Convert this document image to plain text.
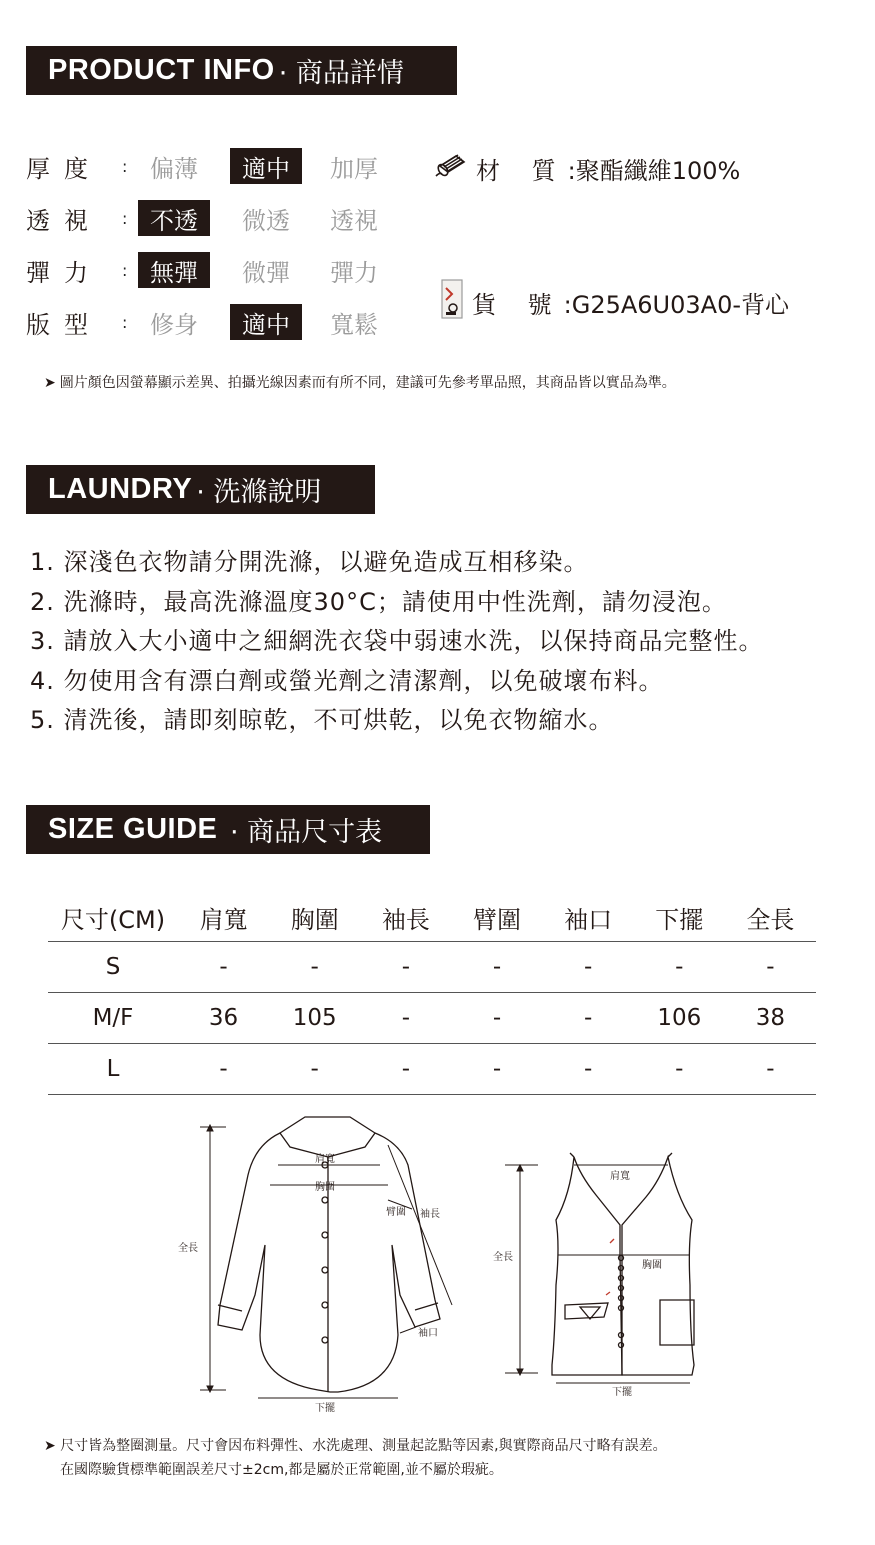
PRODUCT INFO · 商品詳情
厚度	: 偏薄	適中	加厚
透視	: 不透	微透	透視
彈力	: 無彈	微彈	彈力
版型	: 修身	適中	寬鬆
材 質 :聚酯纖維100%
貨 號 :G25A6U03A0-背心
➤ 圖片顏色因螢幕顯示差異、拍攝光線因素而有所不同，建議可先參考單品照，其商品皆以實品為準。
LAUNDRY · 洗滌說明
1. 深淺色衣物請分開洗滌，以避免造成互相移染。
2. 洗滌時，最高洗滌溫度30°C；請使用中性洗劑，請勿浸泡。
3. 請放入大小適中之細網洗衣袋中弱速水洗，以保持商品完整性。
4. 勿使用含有漂白劑或螢光劑之清潔劑，以免破壞布料。
5. 清洗後，請即刻晾乾，不可烘乾，以免衣物縮水。
SIZE GUIDE · 商品尺寸表
尺寸(CM)	肩寬	胸圍	袖長	臂圍	袖口	下擺	全長
S	-	-	-	-	-	-	-
M/F	36	105	-	-	-	106	38
L	-	-	-	-	-	-	-
肩寬
胸圍
臂圍 袖長
全長
袖口
下擺
肩寬
胸圍
全長
下擺
➤ 尺寸皆為整圈測量。尺寸會因布料彈性、水洗處理、測量起訖點等因素,與實際商品尺寸略有誤差。
在國際驗貨標準範圍誤差尺寸±2cm,都是屬於正常範圍,並不屬於瑕疵。
